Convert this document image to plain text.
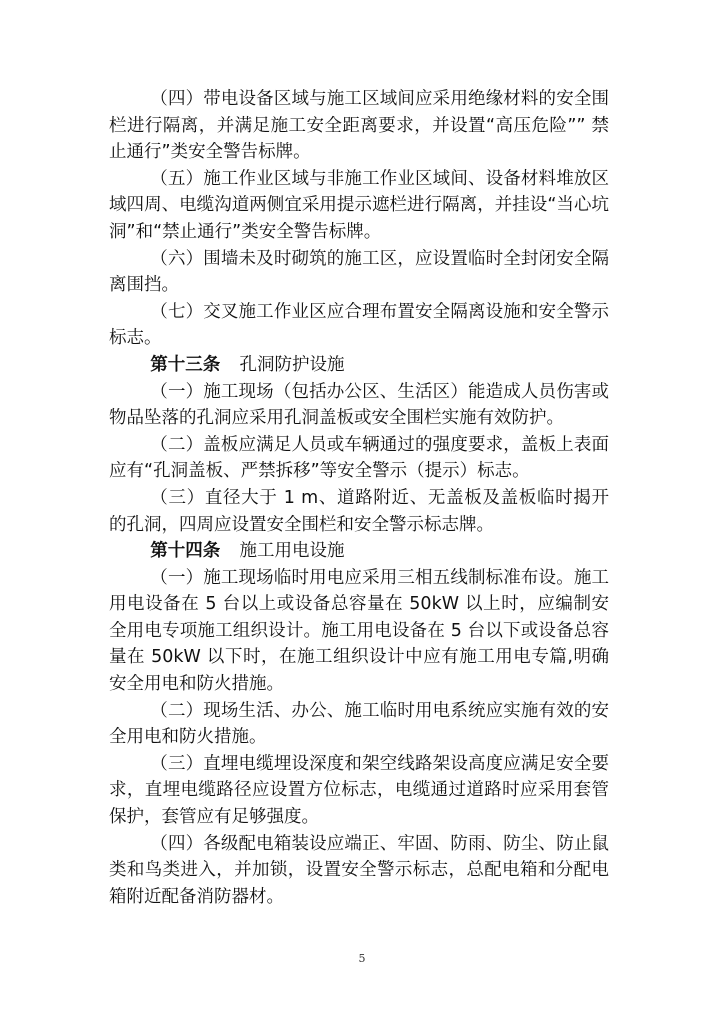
（四）带电设备区域与施工区域间应采用绝缘材料的安全围栏进行隔离，并满足施工安全距离要求，并设置“高压危险”” 禁止通行”类安全警告标牌。

（五）施工作业区域与非施工作业区域间、设备材料堆放区域四周、电缆沟道两侧宜采用提示遮栏进行隔离，并挂设“当心坑洞”和“禁止通行”类安全警告标牌。

（六）围墙未及时砌筑的施工区，应设置临时全封闭安全隔离围挡。

（七）交叉施工作业区应合理布置安全隔离设施和安全警示标志。

第十三条 孔洞防护设施

（一）施工现场（包括办公区、生活区）能造成人员伤害或物品坠落的孔洞应采用孔洞盖板或安全围栏实施有效防护。

（二）盖板应满足人员或车辆通过的强度要求，盖板上表面应有“孔洞盖板、严禁拆移”等安全警示（提示）标志。

（三）直径大于 1 m、道路附近、无盖板及盖板临时揭开的孔洞，四周应设置安全围栏和安全警示标志牌。

第十四条 施工用电设施

（一）施工现场临时用电应采用三相五线制标准布设。施工用电设备在 5 台以上或设备总容量在 50kW 以上时，应编制安全用电专项施工组织设计。施工用电设备在 5 台以下或设备总容量在 50kW 以下时，在施工组织设计中应有施工用电专篇,明确安全用电和防火措施。

（二）现场生活、办公、施工临时用电系统应实施有效的安全用电和防火措施。

（三）直埋电缆埋设深度和架空线路架设高度应满足安全要求，直埋电缆路径应设置方位标志，电缆通过道路时应采用套管保护，套管应有足够强度。

（四）各级配电箱装设应端正、牢固、防雨、防尘、防止鼠类和鸟类进入，并加锁，设置安全警示标志，总配电箱和分配电箱附近配备消防器材。

5
